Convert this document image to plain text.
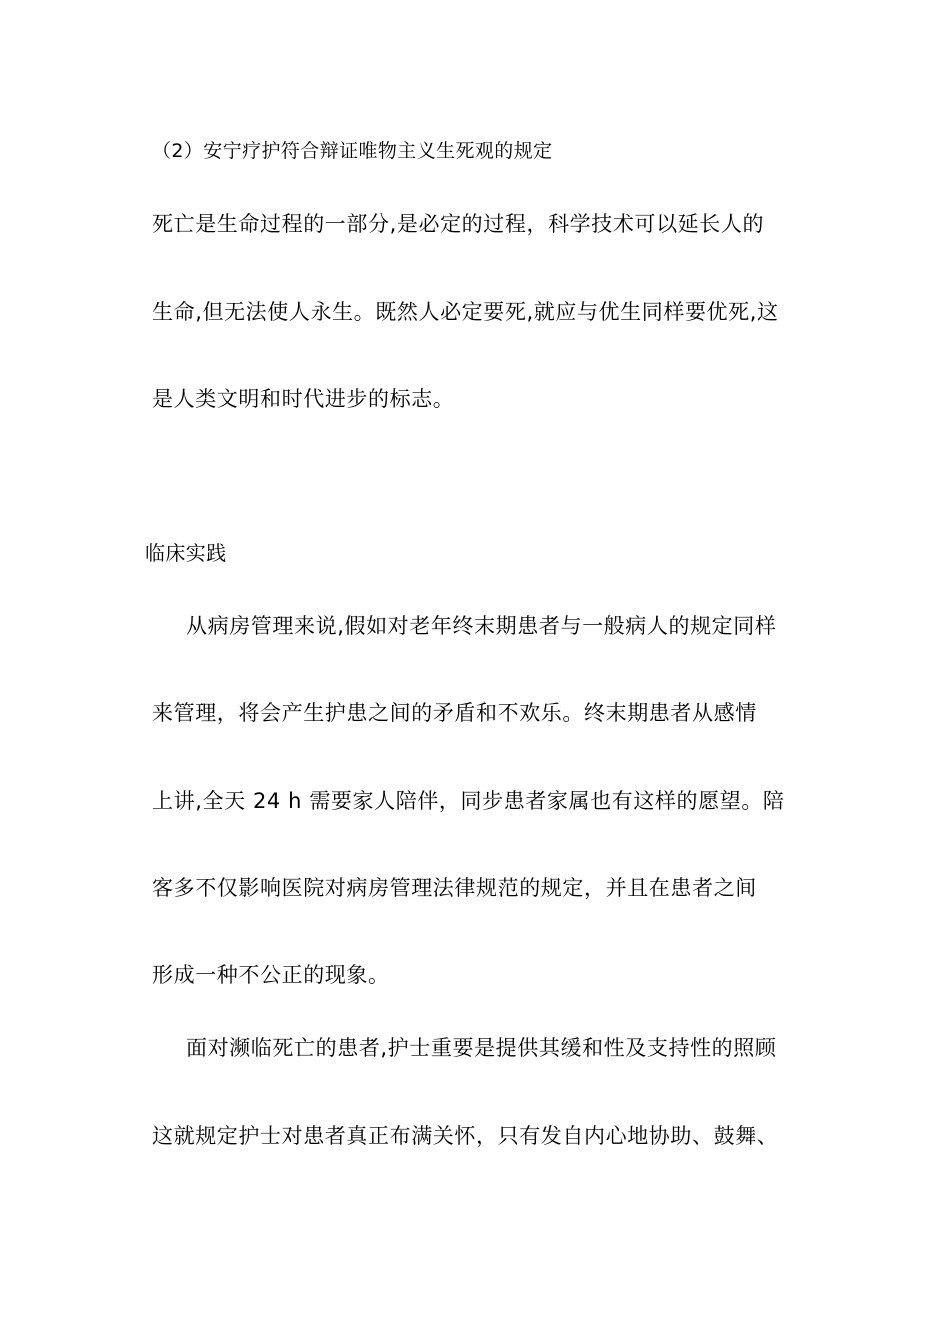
（2）安宁疗护符合辩证唯物主义生死观的规定

死亡是生命过程的一部分,是必定的过程，科学技术可以延长人的

生命,但无法使人永生。既然人必定要死,就应与优生同样要优死,这

是人类文明和时代进步的标志。

临床实践

从病房管理来说,假如对老年终末期患者与一般病人的规定同样

来管理，将会产生护患之间的矛盾和不欢乐。终末期患者从感情

上讲,全天 24 h 需要家人陪伴，同步患者家属也有这样的愿望。陪

客多不仅影响医院对病房管理法律规范的规定，并且在患者之间

形成一种不公正的现象。

面对濒临死亡的患者,护士重要是提供其缓和性及支持性的照顾

这就规定护士对患者真正布满关怀，只有发自内心地协助、鼓舞、
